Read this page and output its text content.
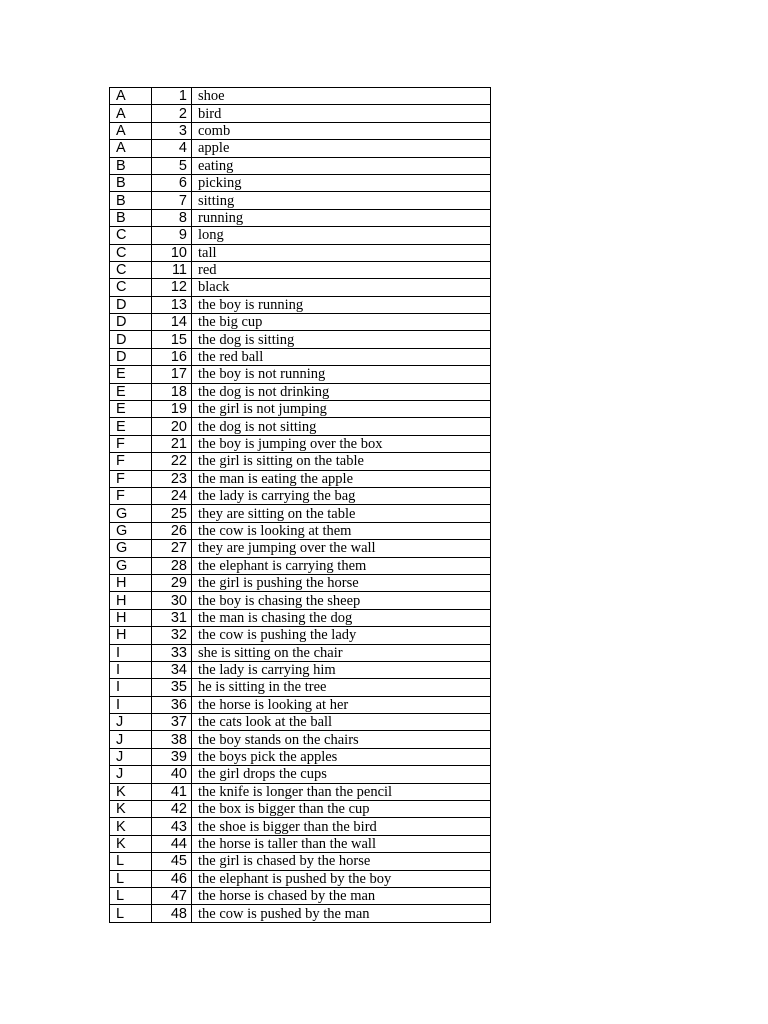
A	1	shoe
A	2	bird
A	3	comb
A	4	apple
B	5	eating
B	6	picking
B	7	sitting
B	8	running
C	9	long
C	10	tall
C	11	red
C	12	black
D	13	the boy is running
D	14	the big cup
D	15	the dog is sitting
D	16	the red ball
E	17	the boy is not running
E	18	the dog is not drinking
E	19	the girl is not jumping
E	20	the dog is not sitting
F	21	the boy is jumping over the box
F	22	the girl is sitting on the table
F	23	the man is eating the apple
F	24	the lady is carrying the bag
G	25	they are sitting on the table
G	26	the cow is looking at them
G	27	they are jumping over the wall
G	28	the elephant is carrying them
H	29	the girl is pushing the horse
H	30	the boy is chasing the sheep
H	31	the man is chasing the dog
H	32	the cow is pushing the lady
I	33	she is sitting on the chair
I	34	the lady is carrying him
I	35	he is sitting in the tree
I	36	the horse is looking at her
J	37	the cats look at the ball
J	38	the boy stands on the chairs
J	39	the boys pick the apples
J	40	the girl drops the cups
K	41	the knife is longer than the pencil
K	42	the box is bigger than the cup
K	43	the shoe is bigger than the bird
K	44	the horse is taller than the wall
L	45	the girl is chased by the horse
L	46	the elephant is pushed by the boy
L	47	the horse is chased by the man
L	48	the cow is pushed by the man
